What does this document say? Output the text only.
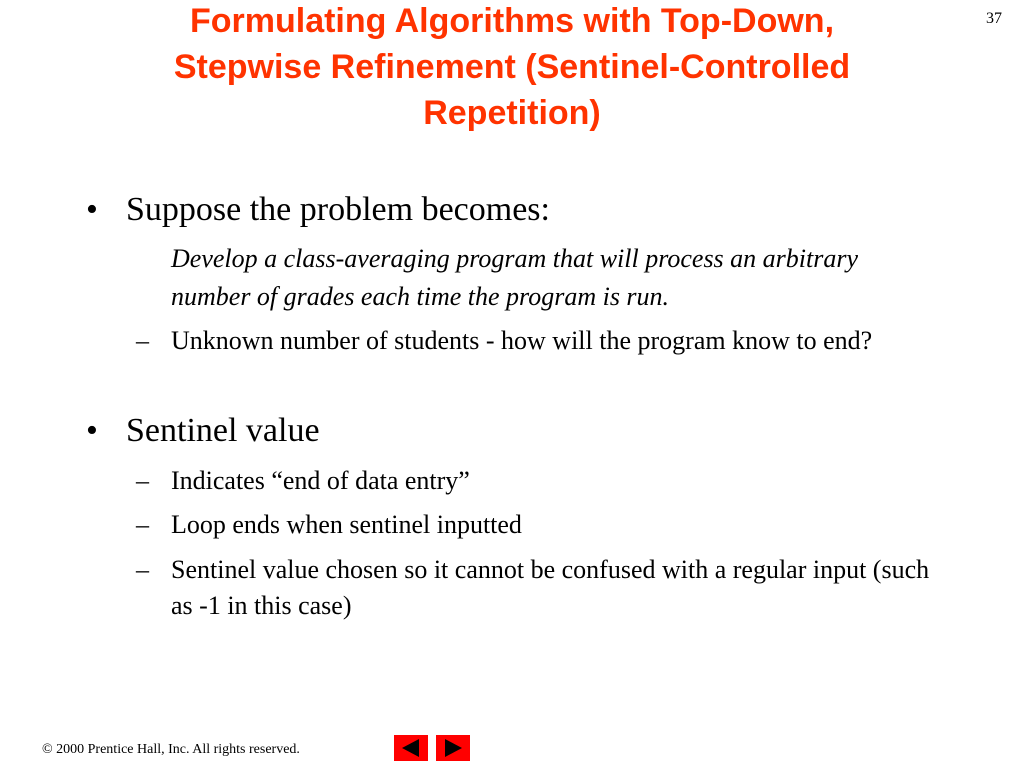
Formulating Algorithms with Top-Down,
Stepwise Refinement (Sentinel-Controlled
Repetition)
37
• Suppose the problem becomes:
Develop a class-averaging program that will process an arbitrary number of grades each time the program is run.
– Unknown number of students - how will the program know to end?
• Sentinel value
– Indicates “end of data entry”
– Loop ends when sentinel inputted
– Sentinel value chosen so it cannot be confused with a regular input (such as -1 in this case)
© 2000 Prentice Hall, Inc. All rights reserved.
